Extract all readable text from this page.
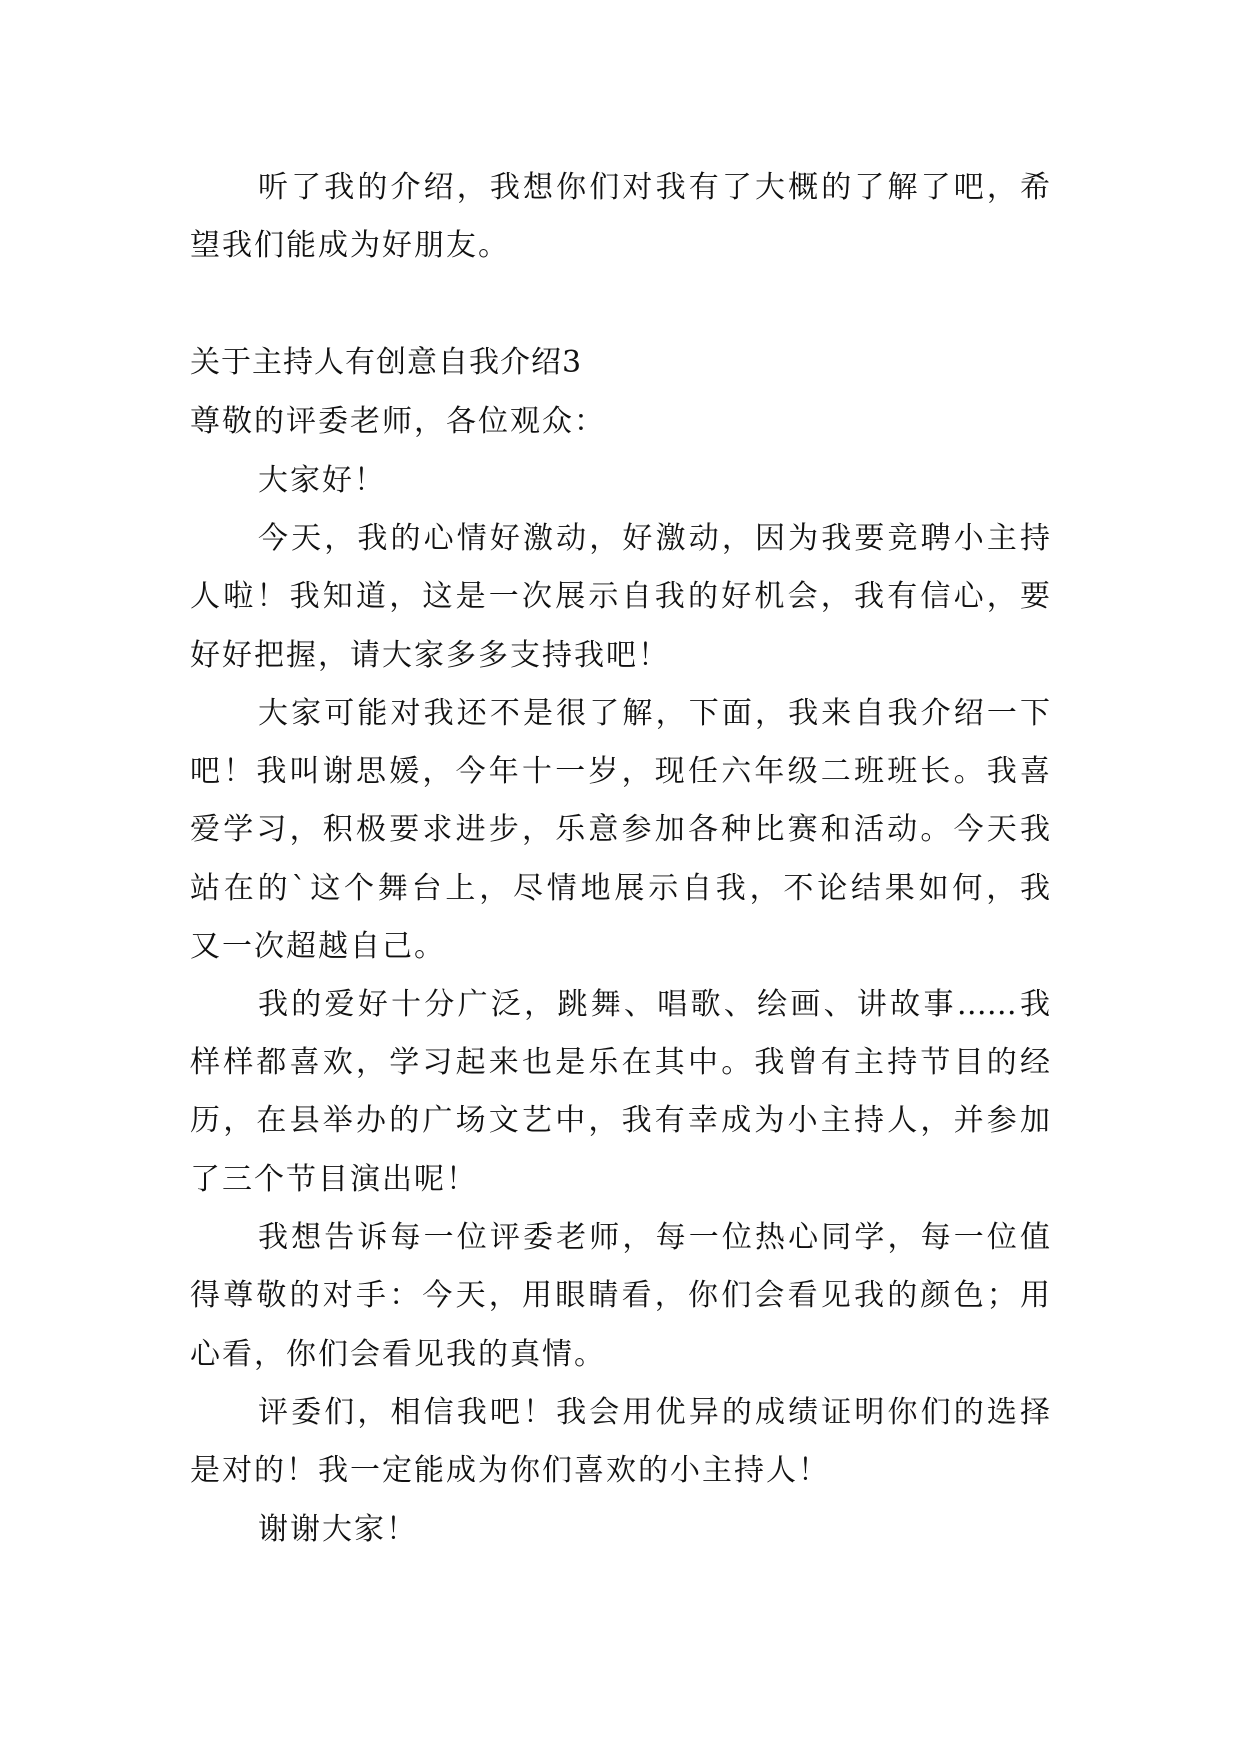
听了我的介绍，我想你们对我有了大概的了解了吧，希
望我们能成为好朋友。
关于主持人有创意自我介绍3
尊敬的评委老师，各位观众：
大家好！
今天，我的心情好激动，好激动，因为我要竞聘小主持
人啦！我知道，这是一次展示自我的好机会，我有信心，要
好好把握，请大家多多支持我吧！
大家可能对我还不是很了解，下面，我来自我介绍一下
吧！我叫谢思媛，今年十一岁，现任六年级二班班长。我喜
爱学习，积极要求进步，乐意参加各种比赛和活动。今天我
站在的`这个舞台上，尽情地展示自我，不论结果如何，我
又一次超越自己。
我的爱好十分广泛，跳舞、唱歌、绘画、讲故事……我
样样都喜欢，学习起来也是乐在其中。我曾有主持节目的经
历，在县举办的广场文艺中，我有幸成为小主持人，并参加
了三个节目演出呢！
我想告诉每一位评委老师，每一位热心同学，每一位值
得尊敬的对手：今天，用眼睛看，你们会看见我的颜色；用
心看，你们会看见我的真情。
评委们，相信我吧！我会用优异的成绩证明你们的选择
是对的！我一定能成为你们喜欢的小主持人！
谢谢大家！
